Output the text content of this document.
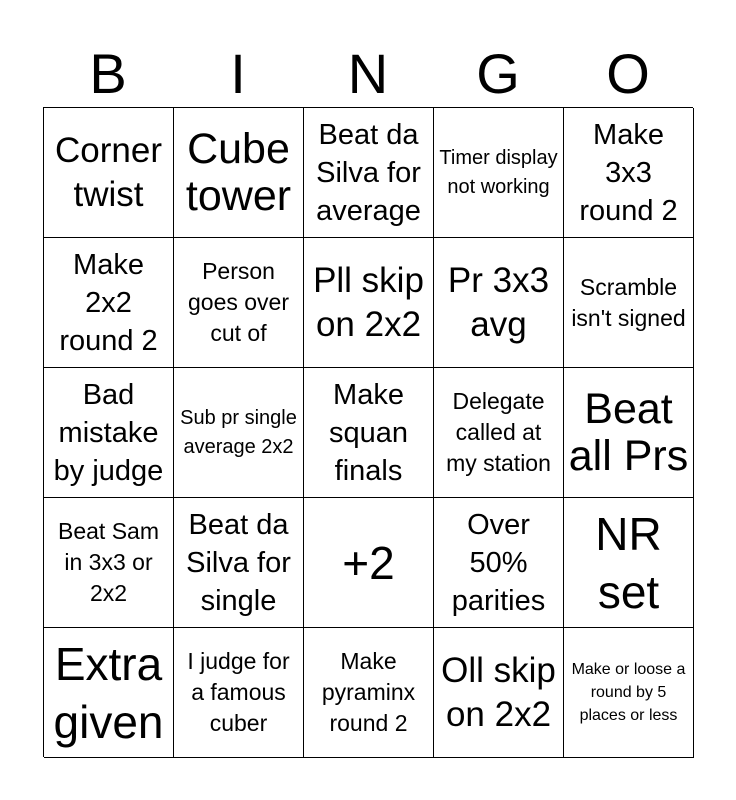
B	I	N	G	O
Corner twist
Cube tower
Beat da Silva for average
Timer display not working
Make 3x3 round 2
Make 2x2 round 2
Person goes over cut of
Pll skip on 2x2
Pr 3x3 avg
Scramble isn't signed
Bad mistake by judge
Sub pr single average 2x2
Make squan finals
Delegate called at my station
Beat all Prs
Beat Sam in 3x3 or 2x2
Beat da Silva for single
+2
Over 50% parities
NR set
Extra given
I judge for a famous cuber
Make pyraminx round 2
Oll skip on 2x2
Make or loose a round by 5 places or less
